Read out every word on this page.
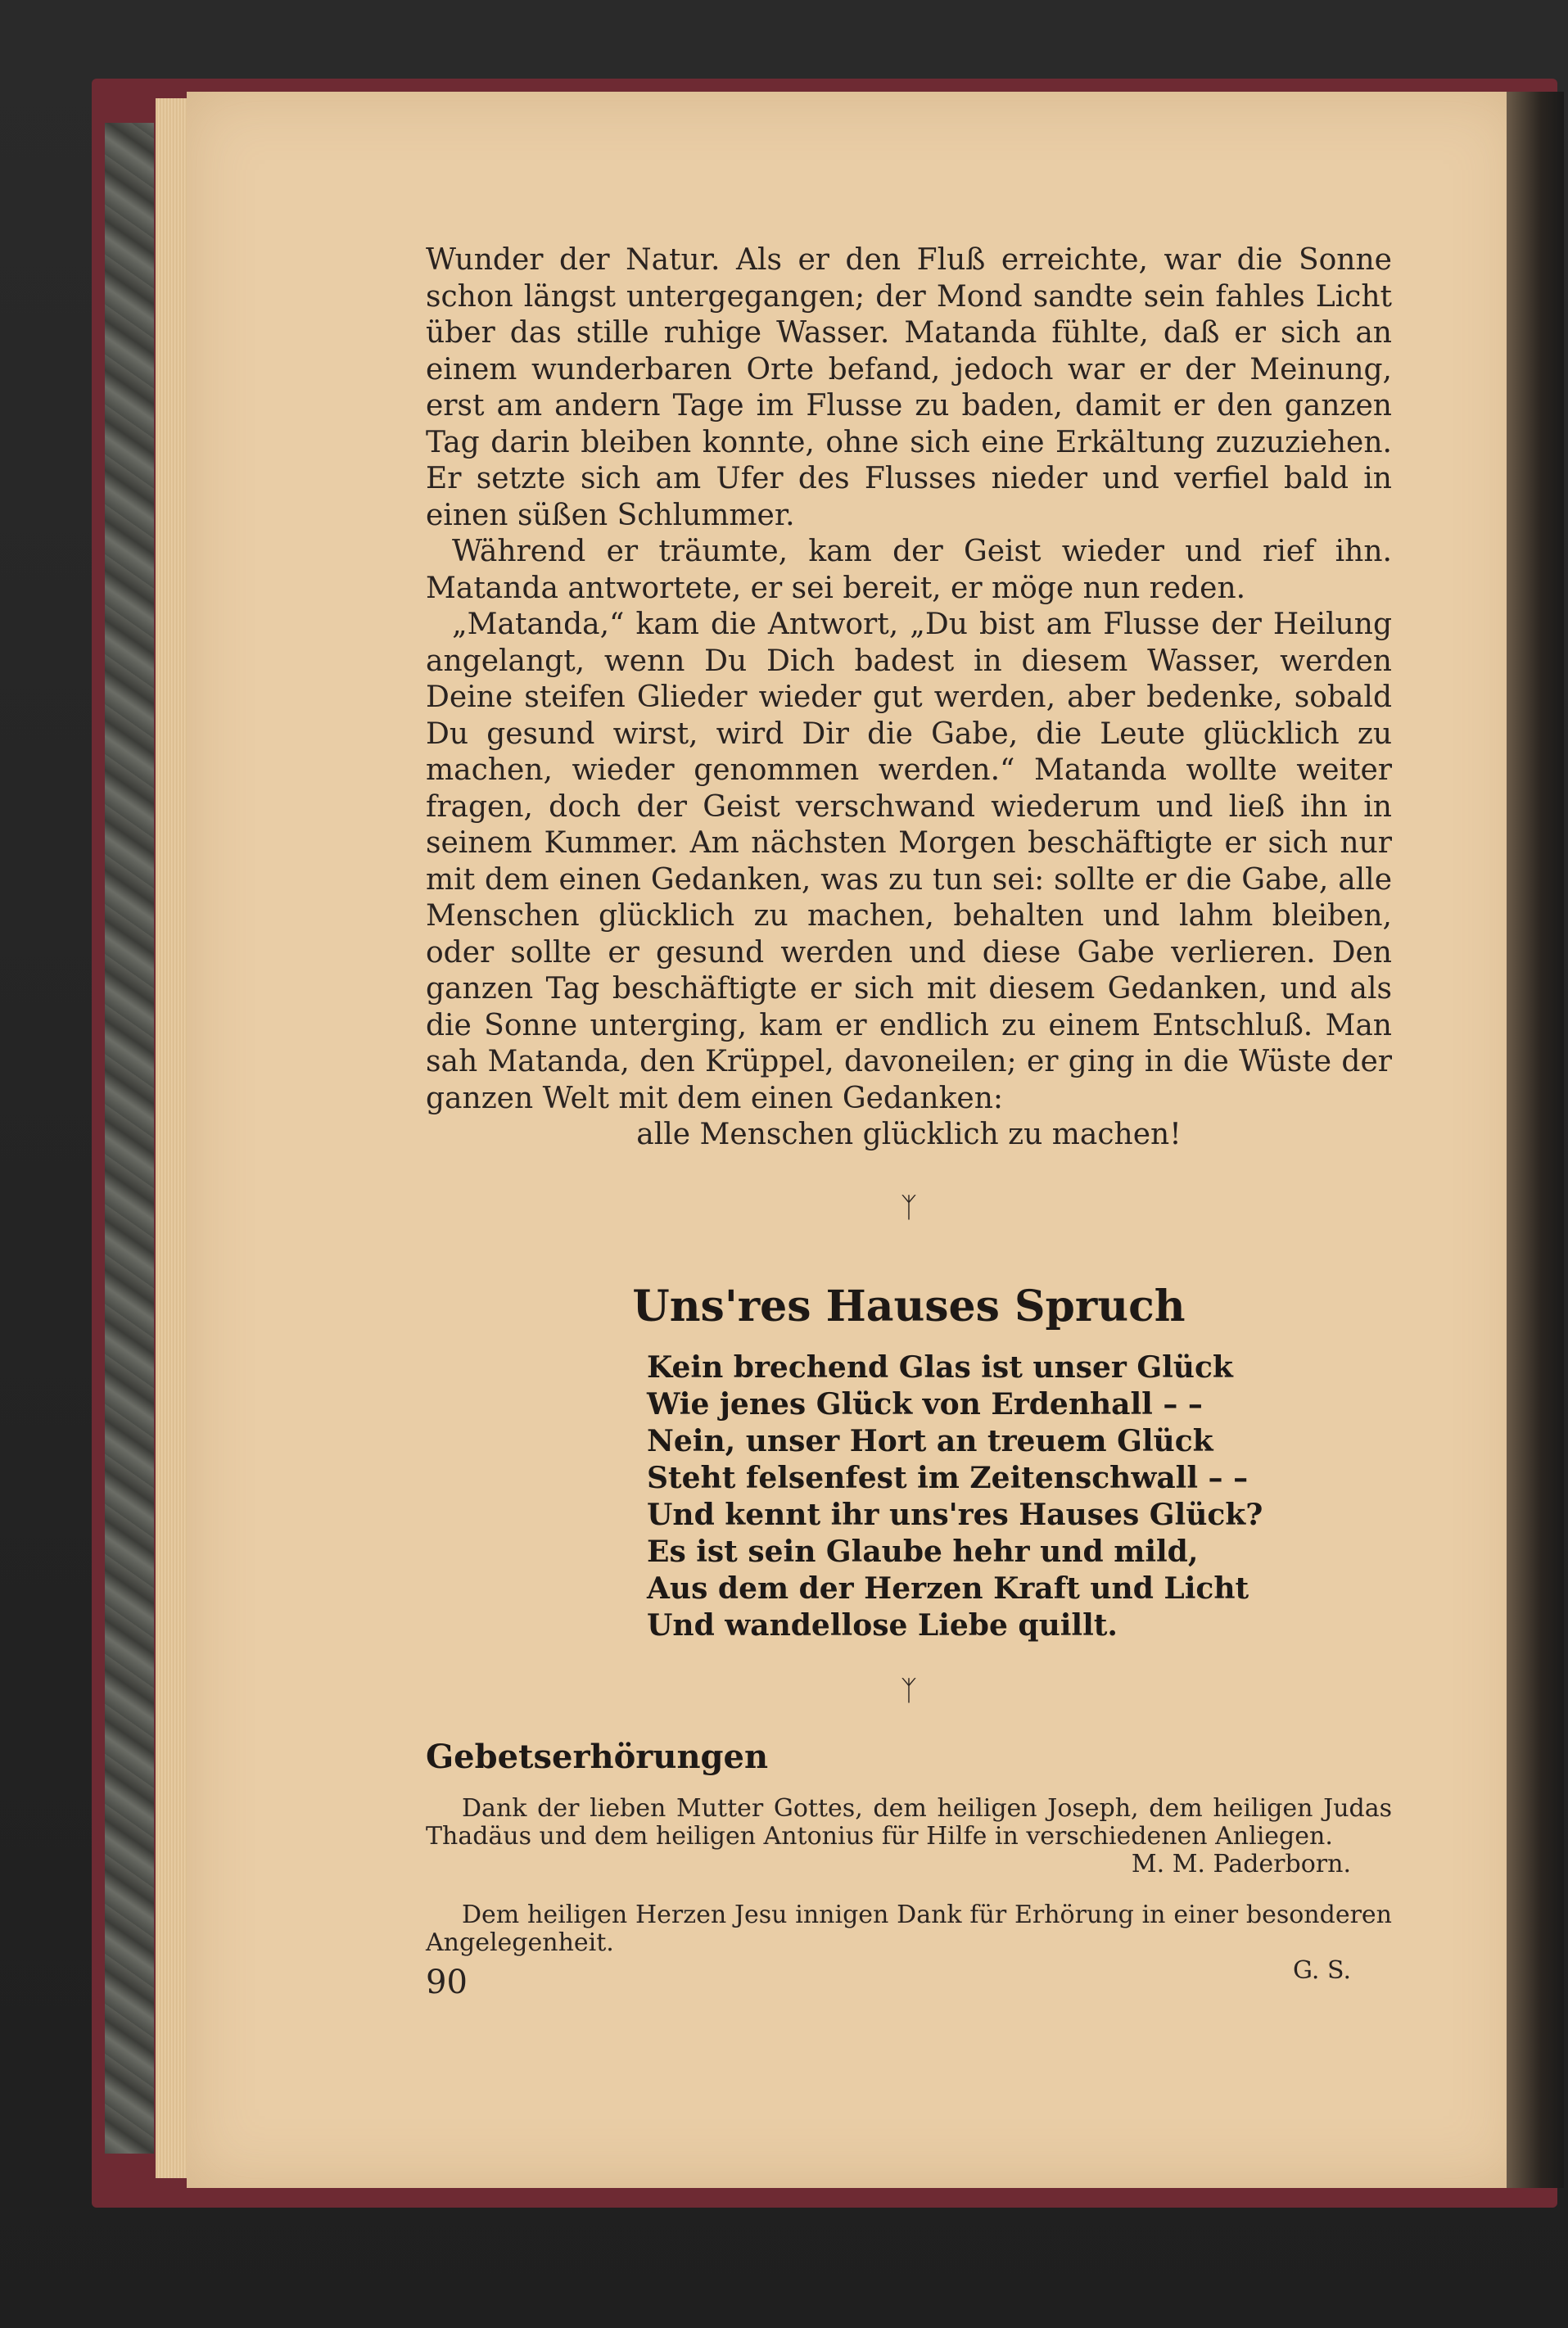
Wunder der Natur. Als er den Fluß erreichte, war die Sonne schon längst untergegangen; der Mond sandte sein fahles Licht über das stille ruhige Wasser. Matanda fühlte, daß er sich an einem wunderbaren Orte befand, jedoch war er der Meinung, erst am andern Tage im Flusse zu baden, damit er den ganzen Tag darin bleiben konnte, ohne sich eine Erkältung zuzuziehen. Er setzte sich am Ufer des Flusses nieder und verfiel bald in einen süßen Schlummer.

Während er träumte, kam der Geist wieder und rief ihn. Matanda antwortete, er sei bereit, er möge nun reden.

„Matanda,“ kam die Antwort, „Du bist am Flusse der Heilung angelangt, wenn Du Dich badest in diesem Wasser, werden Deine steifen Glieder wieder gut werden, aber bedenke, sobald Du gesund wirst, wird Dir die Gabe, die Leute glücklich zu machen, wieder genommen werden.“ Matanda wollte weiter fragen, doch der Geist verschwand wiederum und ließ ihn in seinem Kummer. Am nächsten Morgen beschäftigte er sich nur mit dem einen Gedanken, was zu tun sei: sollte er die Gabe, alle Menschen glücklich zu machen, behalten und lahm bleiben, oder sollte er gesund werden und diese Gabe verlieren. Den ganzen Tag beschäftigte er sich mit diesem Gedanken, und als die Sonne unterging, kam er endlich zu einem Entschluß. Man sah Matanda, den Krüppel, davoneilen; er ging in die Wüste der ganzen Welt mit dem einen Gedanken:

alle Menschen glücklich zu machen!

ᛉ
Uns'res Hauses Spruch
Kein brechend Glas ist unser Glück
Wie jenes Glück von Erdenhall – –
Nein, unser Hort an treuem Glück
Steht felsenfest im Zeitenschwall – –
Und kennt ihr uns'res Hauses Glück?
Es ist sein Glaube hehr und mild,
Aus dem der Herzen Kraft und Licht
Und wandellose Liebe quillt.
ᛉ
Gebetserhörungen
Dank der lieben Mutter Gottes, dem heiligen Joseph, dem heiligen Judas Thadäus und dem heiligen Antonius für Hilfe in verschiedenen Anliegen.
M. M. Paderborn.
Dem heiligen Herzen Jesu innigen Dank für Erhörung in einer besonderen Angelegenheit.
G. S.
90
